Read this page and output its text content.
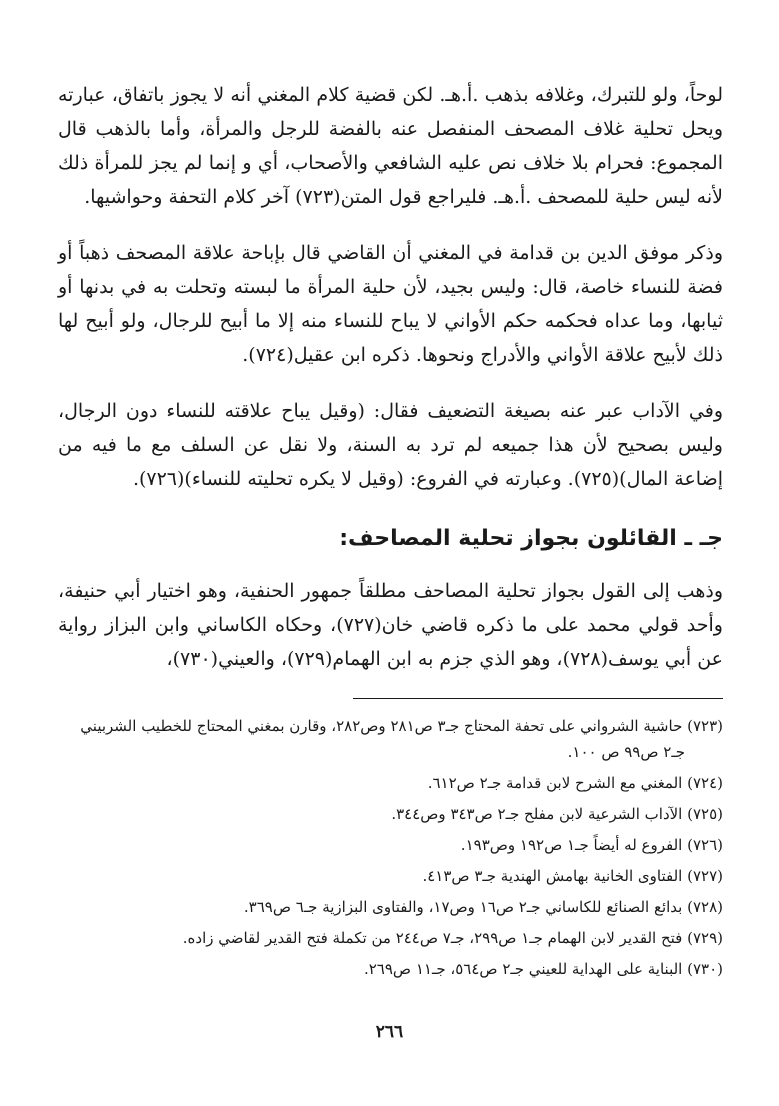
لوحاً، ولو للتبرك، وغلافه بذهب .أ.هـ. لكن قضية كلام المغني أنه لا يجوز باتفاق، عبارته ويحل تحلية غلاف المصحف المنفصل عنه بالفضة للرجل والمرأة، وأما بالذهب قال المجموع: فحرام بلا خلاف نص عليه الشافعي والأصحاب، أي و إنما لم يجز للمرأة ذلك لأنه ليس حلية للمصحف .أ.هـ. فليراجع قول المتن(٧٢٣) آخر كلام التحفة وحواشيها.

وذكر موفق الدين بن قدامة في المغني أن القاضي قال بإباحة علاقة المصحف ذهباً أو فضة للنساء خاصة، قال: وليس بجيد، لأن حلية المرأة ما لبسته وتحلت به في بدنها أو ثيابها، وما عداه فحكمه حكم الأواني لا يباح للنساء منه إلا ما أبيح للرجال، ولو أبيح لها ذلك لأبيح علاقة الأواني والأدراج ونحوها. ذكره ابن عقيل(٧٢٤).

وفي الآداب عبر عنه بصيغة التضعيف فقال: (وقيل يباح علاقته للنساء دون الرجال، وليس بصحيح لأن هذا جميعه لم ترد به السنة، ولا نقل عن السلف مع ما فيه من إضاعة المال)(٧٢٥). وعبارته في الفروع: (وقيل لا يكره تحليته للنساء)(٧٢٦).

جـ ـ القائلون بجواز تحلية المصاحف:

وذهب إلى القول بجواز تحلية المصاحف مطلقاً جمهور الحنفية، وهو اختيار أبي حنيفة، وأحد قولي محمد على ما ذكره قاضي خان(٧٢٧)، وحكاه الكاساني وابن البزاز رواية عن أبي يوسف(٧٢٨)، وهو الذي جزم به ابن الهمام(٧٢٩)، والعيني(٧٣٠)،

(٧٢٣) حاشية الشرواني على تحفة المحتاج جـ٣ ص٢٨١ وص٢٨٢، وقارن بمغني المحتاج للخطيب الشربيني جـ٢ ص٩٩ ص ١٠٠.

(٧٢٤) المغني مع الشرح لابن قدامة جـ٢ ص٦١٢.

(٧٢٥) الآداب الشرعية لابن مفلح جـ٢ ص٣٤٣ وص٣٤٤.

(٧٢٦) الفروع له أيضاً جـ١ ص١٩٢ وص١٩٣.

(٧٢٧) الفتاوى الخانية بهامش الهندية جـ٣ ص٤١٣.

(٧٢٨) بدائع الصنائع للكاساني جـ٢ ص١٦ وص١٧، والفتاوى البزازية جـ٦ ص٣٦٩.

(٧٢٩) فتح القدير لابن الهمام جـ١ ص٢٩٩، جـ٧ ص٢٤٤ من تكملة فتح القدير لقاضي زاده.

(٧٣٠) البناية على الهداية للعيني جـ٢ ص٥٦٤، جـ١١ ص٢٦٩.

٢٦٦
